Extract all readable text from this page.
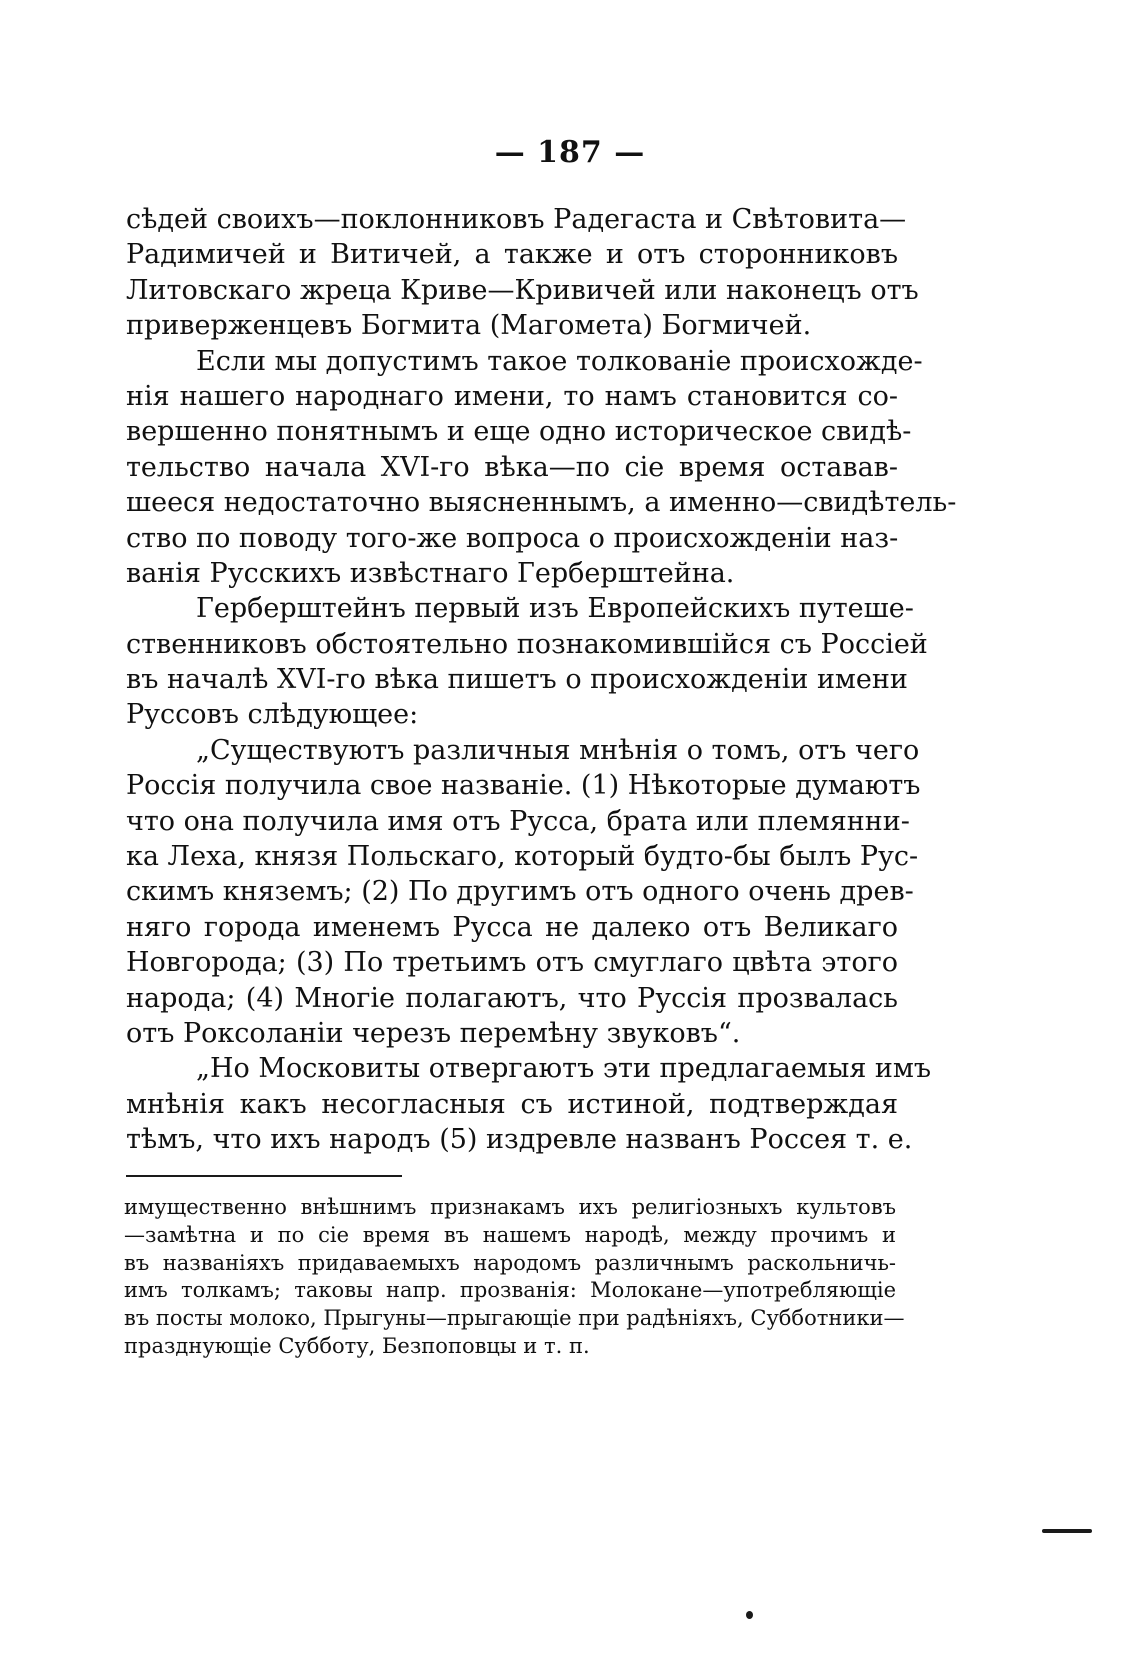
— 187 —
сѣдей своихъ—поклонниковъ Радегаста и Свѣтовита—
Радимичей и Витичей, а также и отъ сторонниковъ
Литовскаго жреца Криве—Кривичей или наконецъ отъ
приверженцевъ Богмита (Магомета) Богмичей.
Если мы допустимъ такое толкованіе происхожде-
нія нашего народнаго имени, то намъ становится со-
вершенно понятнымъ и еще одно историческое свидѣ-
тельство начала XVI-го вѣка—по сіе время оставав-
шееся недостаточно выясненнымъ, а именно—свидѣтель-
ство по поводу того-же вопроса о происхожденіи наз-
ванія Русскихъ извѣстнаго Герберштейна.
Герберштейнъ первый изъ Европейскихъ путеше-
ственниковъ обстоятельно познакомившійся съ Россіей
въ началѣ XVI-го вѣка пишетъ о происхожденіи имени
Руссовъ слѣдующее:
„Существуютъ различныя мнѣнія о томъ, отъ чего
Россія получила свое названіе. (1) Нѣкоторые думаютъ
что она получила имя отъ Русса, брата или племянни-
ка Леха, князя Польскаго, который будто-бы былъ Рус-
скимъ княземъ; (2) По другимъ отъ одного очень древ-
няго города именемъ Русса не далеко отъ Великаго
Новгорода; (3) По третьимъ отъ смуглаго цвѣта этого
народа; (4) Многіе полагаютъ, что Руссія прозвалась
отъ Роксоланіи черезъ перемѣну звуковъ“.
„Но Московиты отвергаютъ эти предлагаемыя имъ
мнѣнія какъ несогласныя съ истиной, подтверждая
тѣмъ, что ихъ народъ (5) издревле названъ Россея т. е.
имущественно внѣшнимъ признакамъ ихъ религіозныхъ культовъ
—замѣтна и по сіе время въ нашемъ народѣ, между прочимъ и
въ названіяхъ придаваемыхъ народомъ различнымъ раскольничь-
имъ толкамъ; таковы напр. прозванія: Молокане—употребляющіе
въ посты молоко, Прыгуны—прыгающіе при радѣніяхъ, Субботники—
празднующіе Субботу, Безпоповцы и т. п.
